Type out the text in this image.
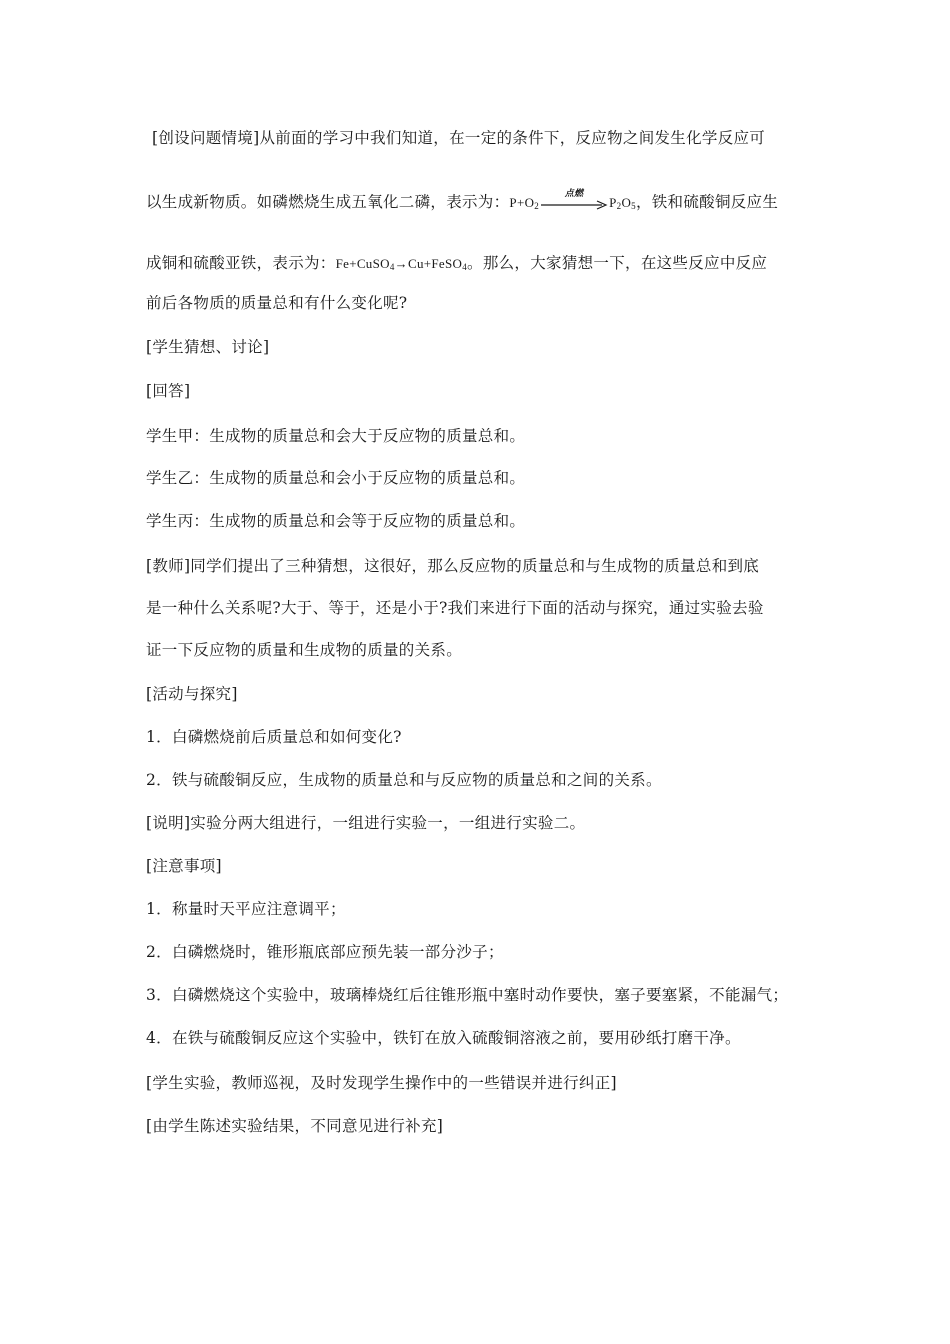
[创设问题情境]从前面的学习中我们知道，在一定的条件下，反应物之间发生化学反应可
以生成新物质。如磷燃烧生成五氧化二磷，表示为：$P+O_2$
点燃
$P_2O_5$，铁和硫酸铜反应生
成铜和硫酸亚铁，表示为：Fe+CuSO$_4$→Cu+FeSO$_4$。那么，大家猜想一下，在这些反应中反应
前后各物质的质量总和有什么变化呢?
[学生猜想、讨论]
[回答]
学生甲：生成物的质量总和会大于反应物的质量总和。
学生乙：生成物的质量总和会小于反应物的质量总和。
学生丙：生成物的质量总和会等于反应物的质量总和。
[教师]同学们提出了三种猜想，这很好，那么反应物的质量总和与生成物的质量总和到底
是一种什么关系呢?大于、等于，还是小于?我们来进行下面的活动与探究，通过实验去验
证一下反应物的质量和生成物的质量的关系。
[活动与探究]
1．白磷燃烧前后质量总和如何变化?
2．铁与硫酸铜反应，生成物的质量总和与反应物的质量总和之间的关系。
[说明]实验分两大组进行，一组进行实验一，一组进行实验二。
[注意事项]
1．称量时天平应注意调平；
2．白磷燃烧时，锥形瓶底部应预先装一部分沙子；
3．白磷燃烧这个实验中，玻璃棒烧红后往锥形瓶中塞时动作要快，塞子要塞紧，不能漏气；
4．在铁与硫酸铜反应这个实验中，铁钉在放入硫酸铜溶液之前，要用砂纸打磨干净。
[学生实验，教师巡视，及时发现学生操作中的一些错误并进行纠正]
[由学生陈述实验结果，不同意见进行补充]
